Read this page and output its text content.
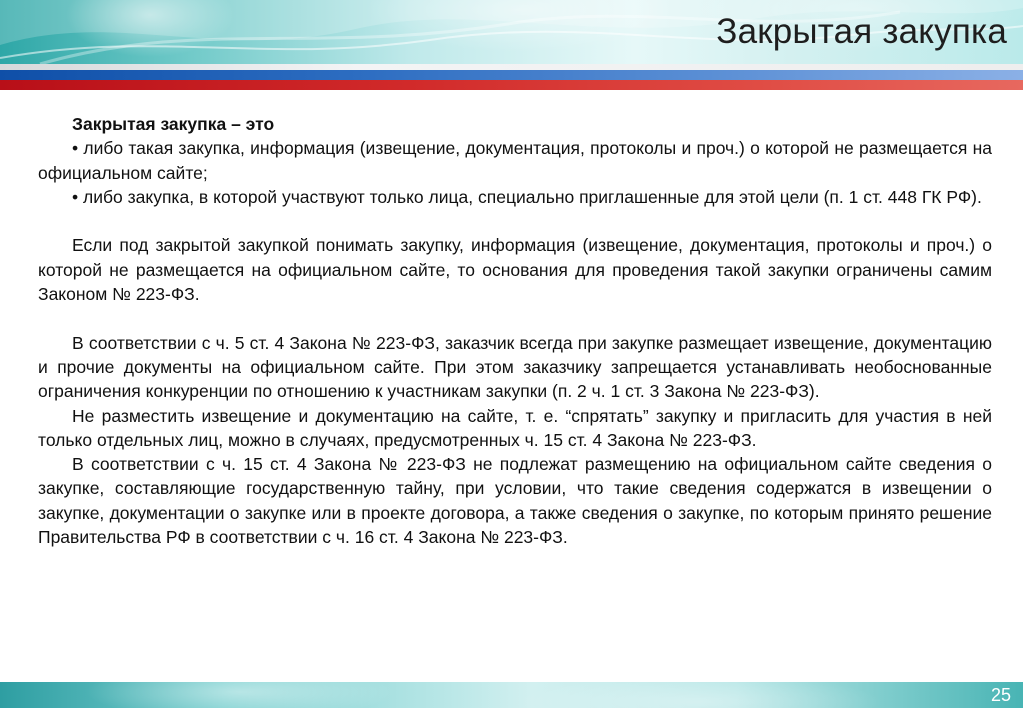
Закрытая закупка

Закрытая закупка – это

• либо такая закупка, информация (извещение, документация, протоколы и проч.) о которой не размещается на официальном сайте;

• либо закупка, в которой участвуют только лица, специально приглашенные для этой цели (п. 1 ст. 448 ГК РФ).

Если под закрытой закупкой понимать закупку, информация (извещение, документация, протоколы и проч.) о которой не размещается на официальном сайте, то основания для проведения такой закупки ограничены самим Законом № 223-ФЗ.

В соответствии с ч. 5 ст. 4 Закона № 223-ФЗ, заказчик всегда при закупке размещает извещение, документацию и прочие документы на официальном сайте. При этом заказчику запрещается устанавливать необоснованные ограничения конкуренции по отношению к участникам закупки (п. 2 ч. 1 ст. 3 Закона № 223-ФЗ).

Не разместить извещение и документацию на сайте, т. е. “спрятать” закупку и пригласить для участия в ней только отдельных лиц, можно в случаях, предусмотренных ч. 15 ст. 4 Закона № 223-ФЗ.

В соответствии с ч. 15 ст. 4 Закона № 223-ФЗ не подлежат размещению на официальном сайте сведения о закупке, составляющие государственную тайну, при условии, что такие сведения содержатся в извещении о закупке, документации о закупке или в проекте договора, а также сведения о закупке, по которым принято решение Правительства РФ в соответствии с ч. 16 ст. 4 Закона № 223-ФЗ.

25
